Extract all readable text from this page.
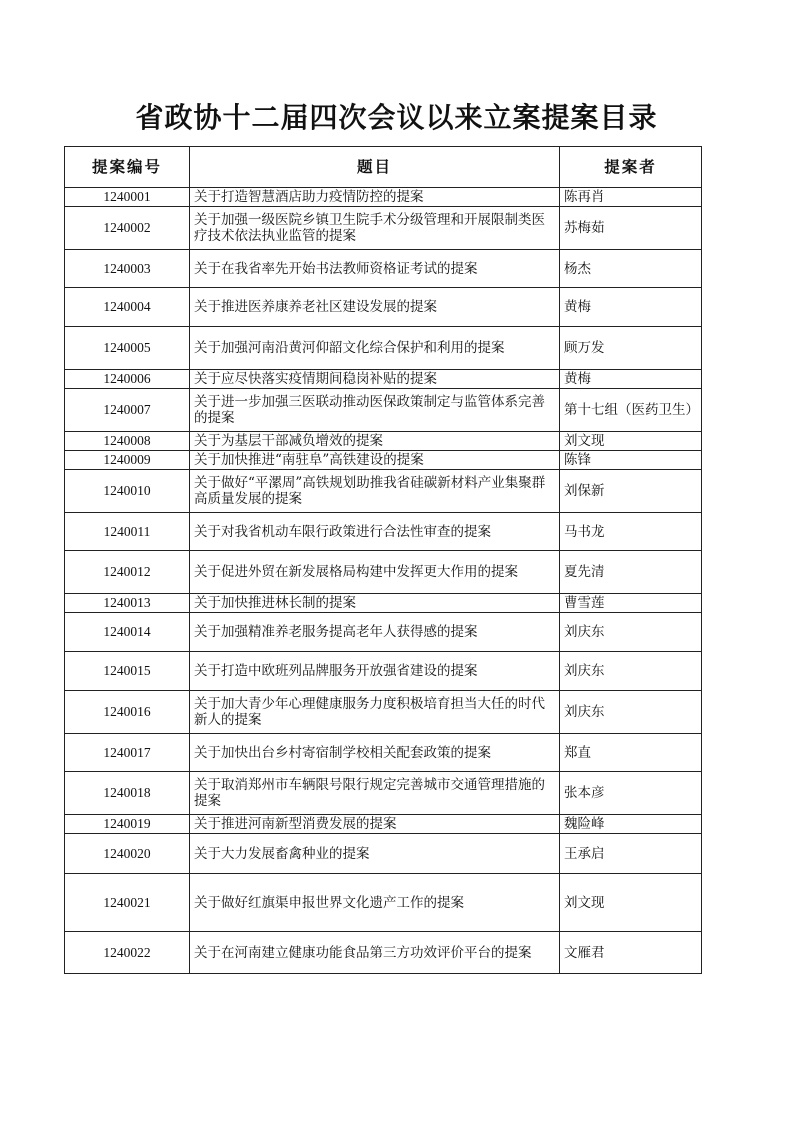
省政协十二届四次会议以来立案提案目录
提案编号	题目	提案者
1240001	关于打造智慧酒店助力疫情防控的提案	陈再肖
1240002	关于加强一级医院乡镇卫生院手术分级管理和开展限制类医疗技术依法执业监管的提案	苏梅茹
1240003	关于在我省率先开始书法教师资格证考试的提案	杨杰
1240004	关于推进医养康养老社区建设发展的提案	黄梅
1240005	关于加强河南沿黄河仰韶文化综合保护和利用的提案	顾万发
1240006	关于应尽快落实疫情期间稳岗补贴的提案	黄梅
1240007	关于进一步加强三医联动推动医保政策制定与监管体系完善的提案	第十七组（医药卫生）
1240008	关于为基层干部减负增效的提案	刘文现
1240009	关于加快推进“南驻阜”高铁建设的提案	陈锋
1240010	关于做好“平漯周”高铁规划助推我省硅碳新材料产业集聚群高质量发展的提案	刘保新
1240011	关于对我省机动车限行政策进行合法性审查的提案	马书龙
1240012	关于促进外贸在新发展格局构建中发挥更大作用的提案	夏先清
1240013	关于加快推进林长制的提案	曹雪莲
1240014	关于加强精准养老服务提高老年人获得感的提案	刘庆东
1240015	关于打造中欧班列品牌服务开放强省建设的提案	刘庆东
1240016	关于加大青少年心理健康服务力度积极培育担当大任的时代新人的提案	刘庆东
1240017	关于加快出台乡村寄宿制学校相关配套政策的提案	郑直
1240018	关于取消郑州市车辆限号限行规定完善城市交通管理措施的提案	张本彦
1240019	关于推进河南新型消费发展的提案	魏险峰
1240020	关于大力发展畜禽种业的提案	王承启
1240021	关于做好红旗渠申报世界文化遗产工作的提案	刘文现
1240022	关于在河南建立健康功能食品第三方功效评价平台的提案	文雁君
